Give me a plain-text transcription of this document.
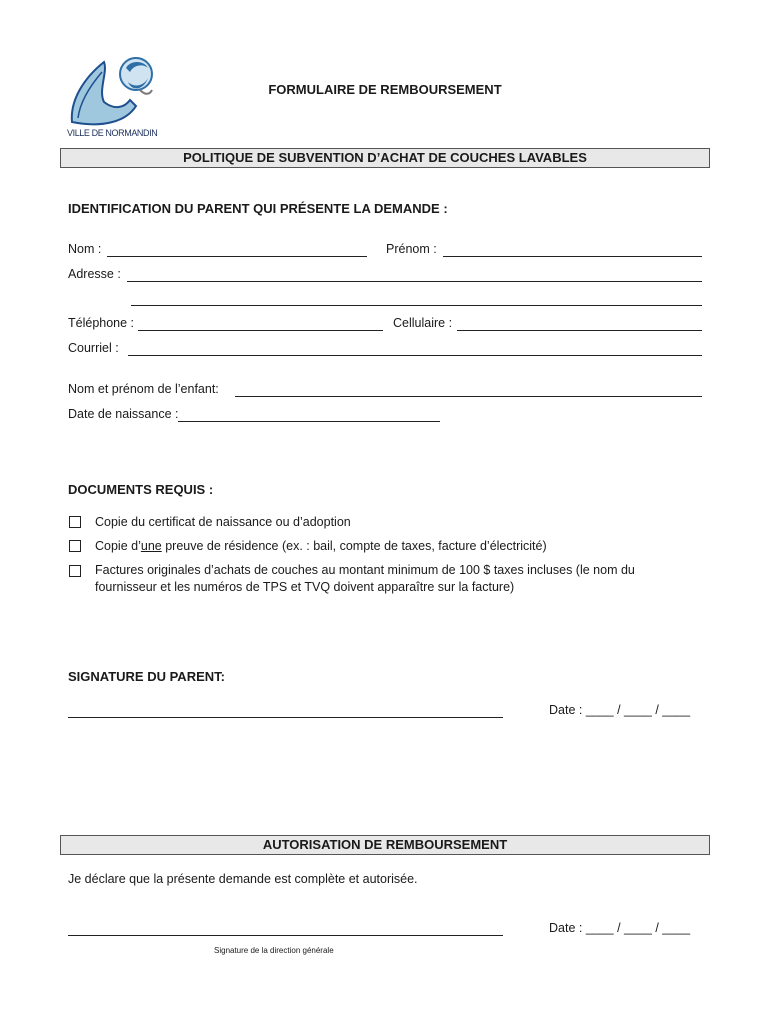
VILLE DE NORMANDIN
FORMULAIRE DE REMBOURSEMENT
POLITIQUE DE SUBVENTION D’ACHAT DE COUCHES LAVABLES
IDENTIFICATION DU PARENT QUI PRÉSENTE LA DEMANDE :
Nom :	Prénom :
Adresse :
Téléphone :	Cellulaire :
Courriel :
Nom et prénom de l’enfant:
Date de naissance :
DOCUMENTS REQUIS :
Copie du certificat de naissance ou d’adoption
Copie d’une preuve de résidence (ex. : bail, compte de taxes, facture d’électricité)
Factures originales d’achats de couches au montant minimum de 100 $ taxes incluses (le nom du fournisseur et les numéros de TPS et TVQ doivent apparaître sur la facture)
SIGNATURE DU PARENT:
Date : ____ / ____ / ____
AUTORISATION DE REMBOURSEMENT
Je déclare que la présente demande est complète et autorisée.
Date : ____ / ____ / ____
Signature de la direction générale
